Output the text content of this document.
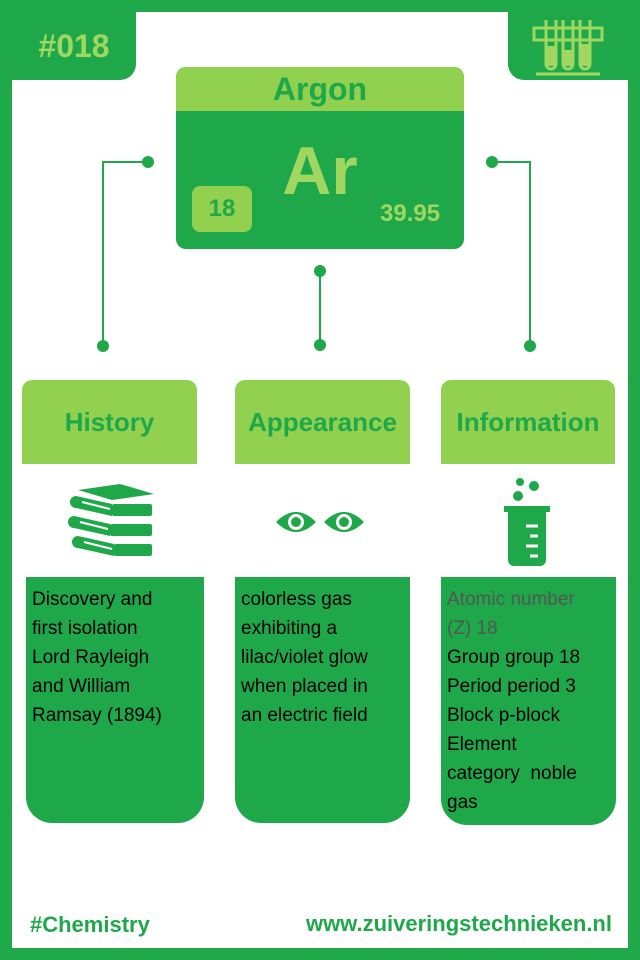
#018
Argon
Ar
18	39.95
History	Appearance	Information
Discovery and
first isolation
Lord Rayleigh
and William
Ramsay (1894)
colorless gas
exhibiting a
lilac/violet glow
when placed in
an electric field
Atomic number
(Z) 18
Group group 18
Period period 3
Block p-block
Element
category  noble
gas
#Chemistry	www.zuiveringstechnieken.nl
